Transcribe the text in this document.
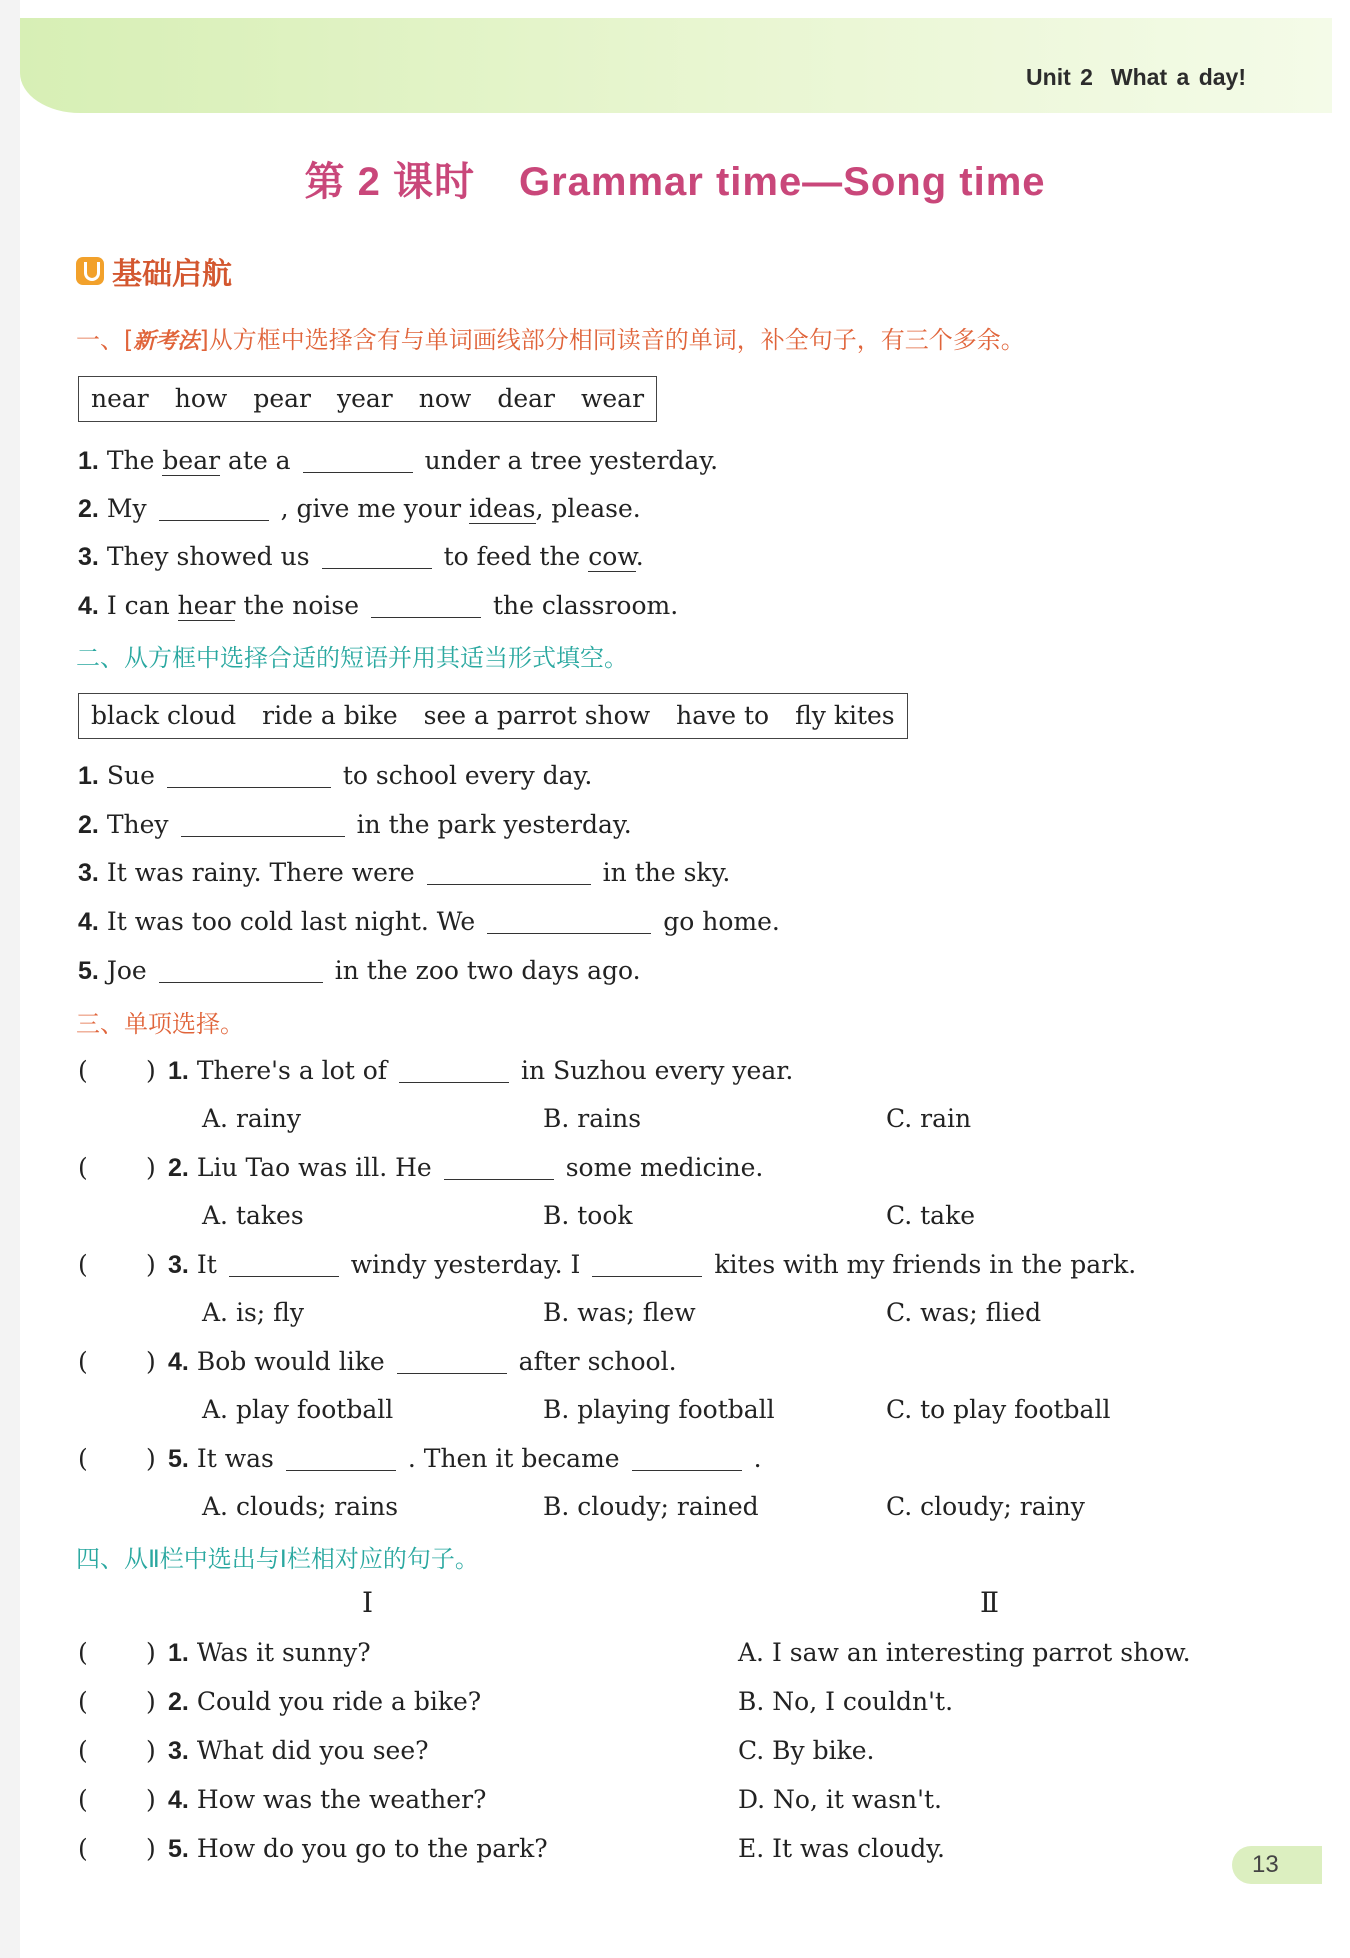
Unit 2 What a day!
第 2 课时 Grammar time—Song time
基础启航
一、[新考法]从方框中选择含有与单词画线部分相同读音的单词，补全句子，有三个多余。
near how pear year now dear wear
1. The bear ate a	under a tree yesterday.
2. My	, give me your ideas, please.
3. They showed us	to feed the cow.
4. I can hear the noise	the classroom.
二、从方框中选择合适的短语并用其适当形式填空。
black cloud ride a bike see a parrot show have to fly kites
1. Sue	to school every day.
2. They	in the park yesterday.
3. It was rainy. There were	in the sky.
4. It was too cold last night. We	go home.
5. Joe	in the zoo two days ago.
三、单项选择。
( ) 1. There's a lot of	in Suzhou every year.
A. rainy	B. rains	C. rain
( ) 2. Liu Tao was ill. He	some medicine.
A. takes	B. took	C. take
( ) 3. It	windy yesterday. I	kites with my friends in the park.
A. is; fly	B. was; flew	C. was; flied
( ) 4. Bob would like	after school.
A. play football	B. playing football	C. to play football
( ) 5. It was	. Then it became	.
A. clouds; rains	B. cloudy; rained	C. cloudy; rainy
四、从Ⅱ栏中选出与Ⅰ栏相对应的句子。
Ⅰ	Ⅱ
( ) 1. Was it sunny?	A. I saw an interesting parrot show.
( ) 2. Could you ride a bike?	B. No, I couldn't.
( ) 3. What did you see?	C. By bike.
( ) 4. How was the weather?	D. No, it wasn't.
( ) 5. How do you go to the park?	E. It was cloudy.
13
